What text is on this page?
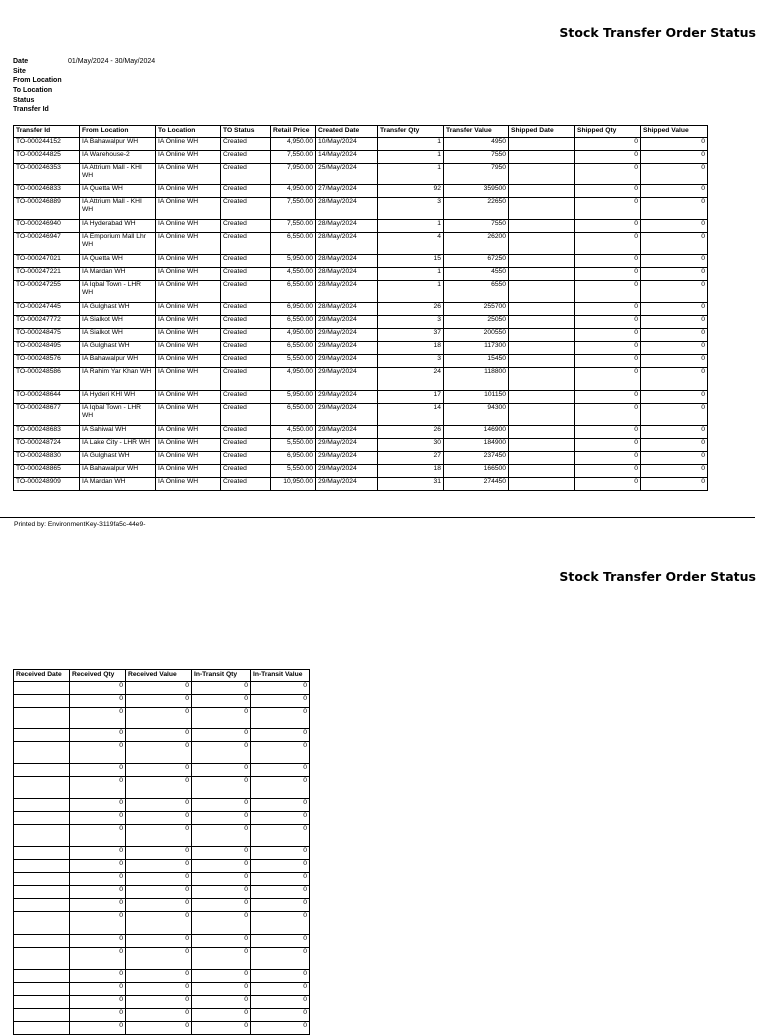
Stock Transfer Order Status
Date	01/May/2024 - 30/May/2024
Site
From Location
To Location
Status
Transfer Id
Transfer Id	From Location	To Location	TO Status	Retail Price	Created Date	Transfer Qty	Transfer Value	Shipped Date	Shipped Qty	Shipped Value
TO-000244152	IA Bahawalpur WH	IA Online WH	Created	4,950.00	10/May/2024	1	4950		0	0
TO-000244825	IA Warehouse-2	IA Online WH	Created	7,550.00	14/May/2024	1	7550		0	0
TO-000246353	IA Attrium Mall - KHI WH	IA Online WH	Created	7,950.00	25/May/2024	1	7950		0	0
TO-000246833	IA Quetta WH	IA Online WH	Created	4,950.00	27/May/2024	92	359500		0	0
TO-000246889	IA Attrium Mall - KHI WH	IA Online WH	Created	7,550.00	28/May/2024	3	22650		0	0
TO-000246940	IA Hyderabad WH	IA Online WH	Created	7,550.00	28/May/2024	1	7550		0	0
TO-000246947	IA Emporium Mall Lhr WH	IA Online WH	Created	6,550.00	28/May/2024	4	26200		0	0
TO-000247021	IA Quetta WH	IA Online WH	Created	5,950.00	28/May/2024	15	67250		0	0
TO-000247221	IA Mardan WH	IA Online WH	Created	4,550.00	28/May/2024	1	4550		0	0
TO-000247255	IA Iqbal Town - LHR WH	IA Online WH	Created	6,550.00	28/May/2024	1	6550		0	0
TO-000247445	IA Gulghast WH	IA Online WH	Created	6,950.00	28/May/2024	26	255700		0	0
TO-000247772	IA Sialkot WH	IA Online WH	Created	6,550.00	29/May/2024	3	25050		0	0
TO-000248475	IA Sialkot WH	IA Online WH	Created	4,950.00	29/May/2024	37	200550		0	0
TO-000248495	IA Gulghast WH	IA Online WH	Created	6,550.00	29/May/2024	18	117300		0	0
TO-000248576	IA Bahawalpur WH	IA Online WH	Created	5,550.00	29/May/2024	3	15450		0	0
TO-000248586	IA Rahim Yar Khan WH	IA Online WH	Created	4,950.00	29/May/2024	24	118800		0	0
TO-000248644	IA Hyderi KHI WH	IA Online WH	Created	5,950.00	29/May/2024	17	101150		0	0
TO-000248677	IA Iqbal Town - LHR WH	IA Online WH	Created	6,550.00	29/May/2024	14	94300		0	0
TO-000248683	IA Sahiwal WH	IA Online WH	Created	4,550.00	29/May/2024	26	146900		0	0
TO-000248724	IA Lake City - LHR WH	IA Online WH	Created	5,550.00	29/May/2024	30	184900		0	0
TO-000248830	IA Gulghast WH	IA Online WH	Created	6,950.00	29/May/2024	27	237450		0	0
TO-000248865	IA Bahawalpur WH	IA Online WH	Created	5,550.00	29/May/2024	18	166500		0	0
TO-000248909	IA Mardan WH	IA Online WH	Created	10,950.00	29/May/2024	31	274450		0	0
Printed by: EnvironmentKey-3119fa5c-44e9-
Stock Transfer Order Status
Received Date	Received Qty	Received Value	In-Transit Qty	In-Transit Value
	0	0	0	0
	0	0	0	0
	0	0	0	0
	0	0	0	0
	0	0	0	0
	0	0	0	0
	0	0	0	0
	0	0	0	0
	0	0	0	0
	0	0	0	0
	0	0	0	0
	0	0	0	0
	0	0	0	0
	0	0	0	0
	0	0	0	0
	0	0	0	0
	0	0	0	0
	0	0	0	0
	0	0	0	0
	0	0	0	0
	0	0	0	0
	0	0	0	0
	0	0	0	0
